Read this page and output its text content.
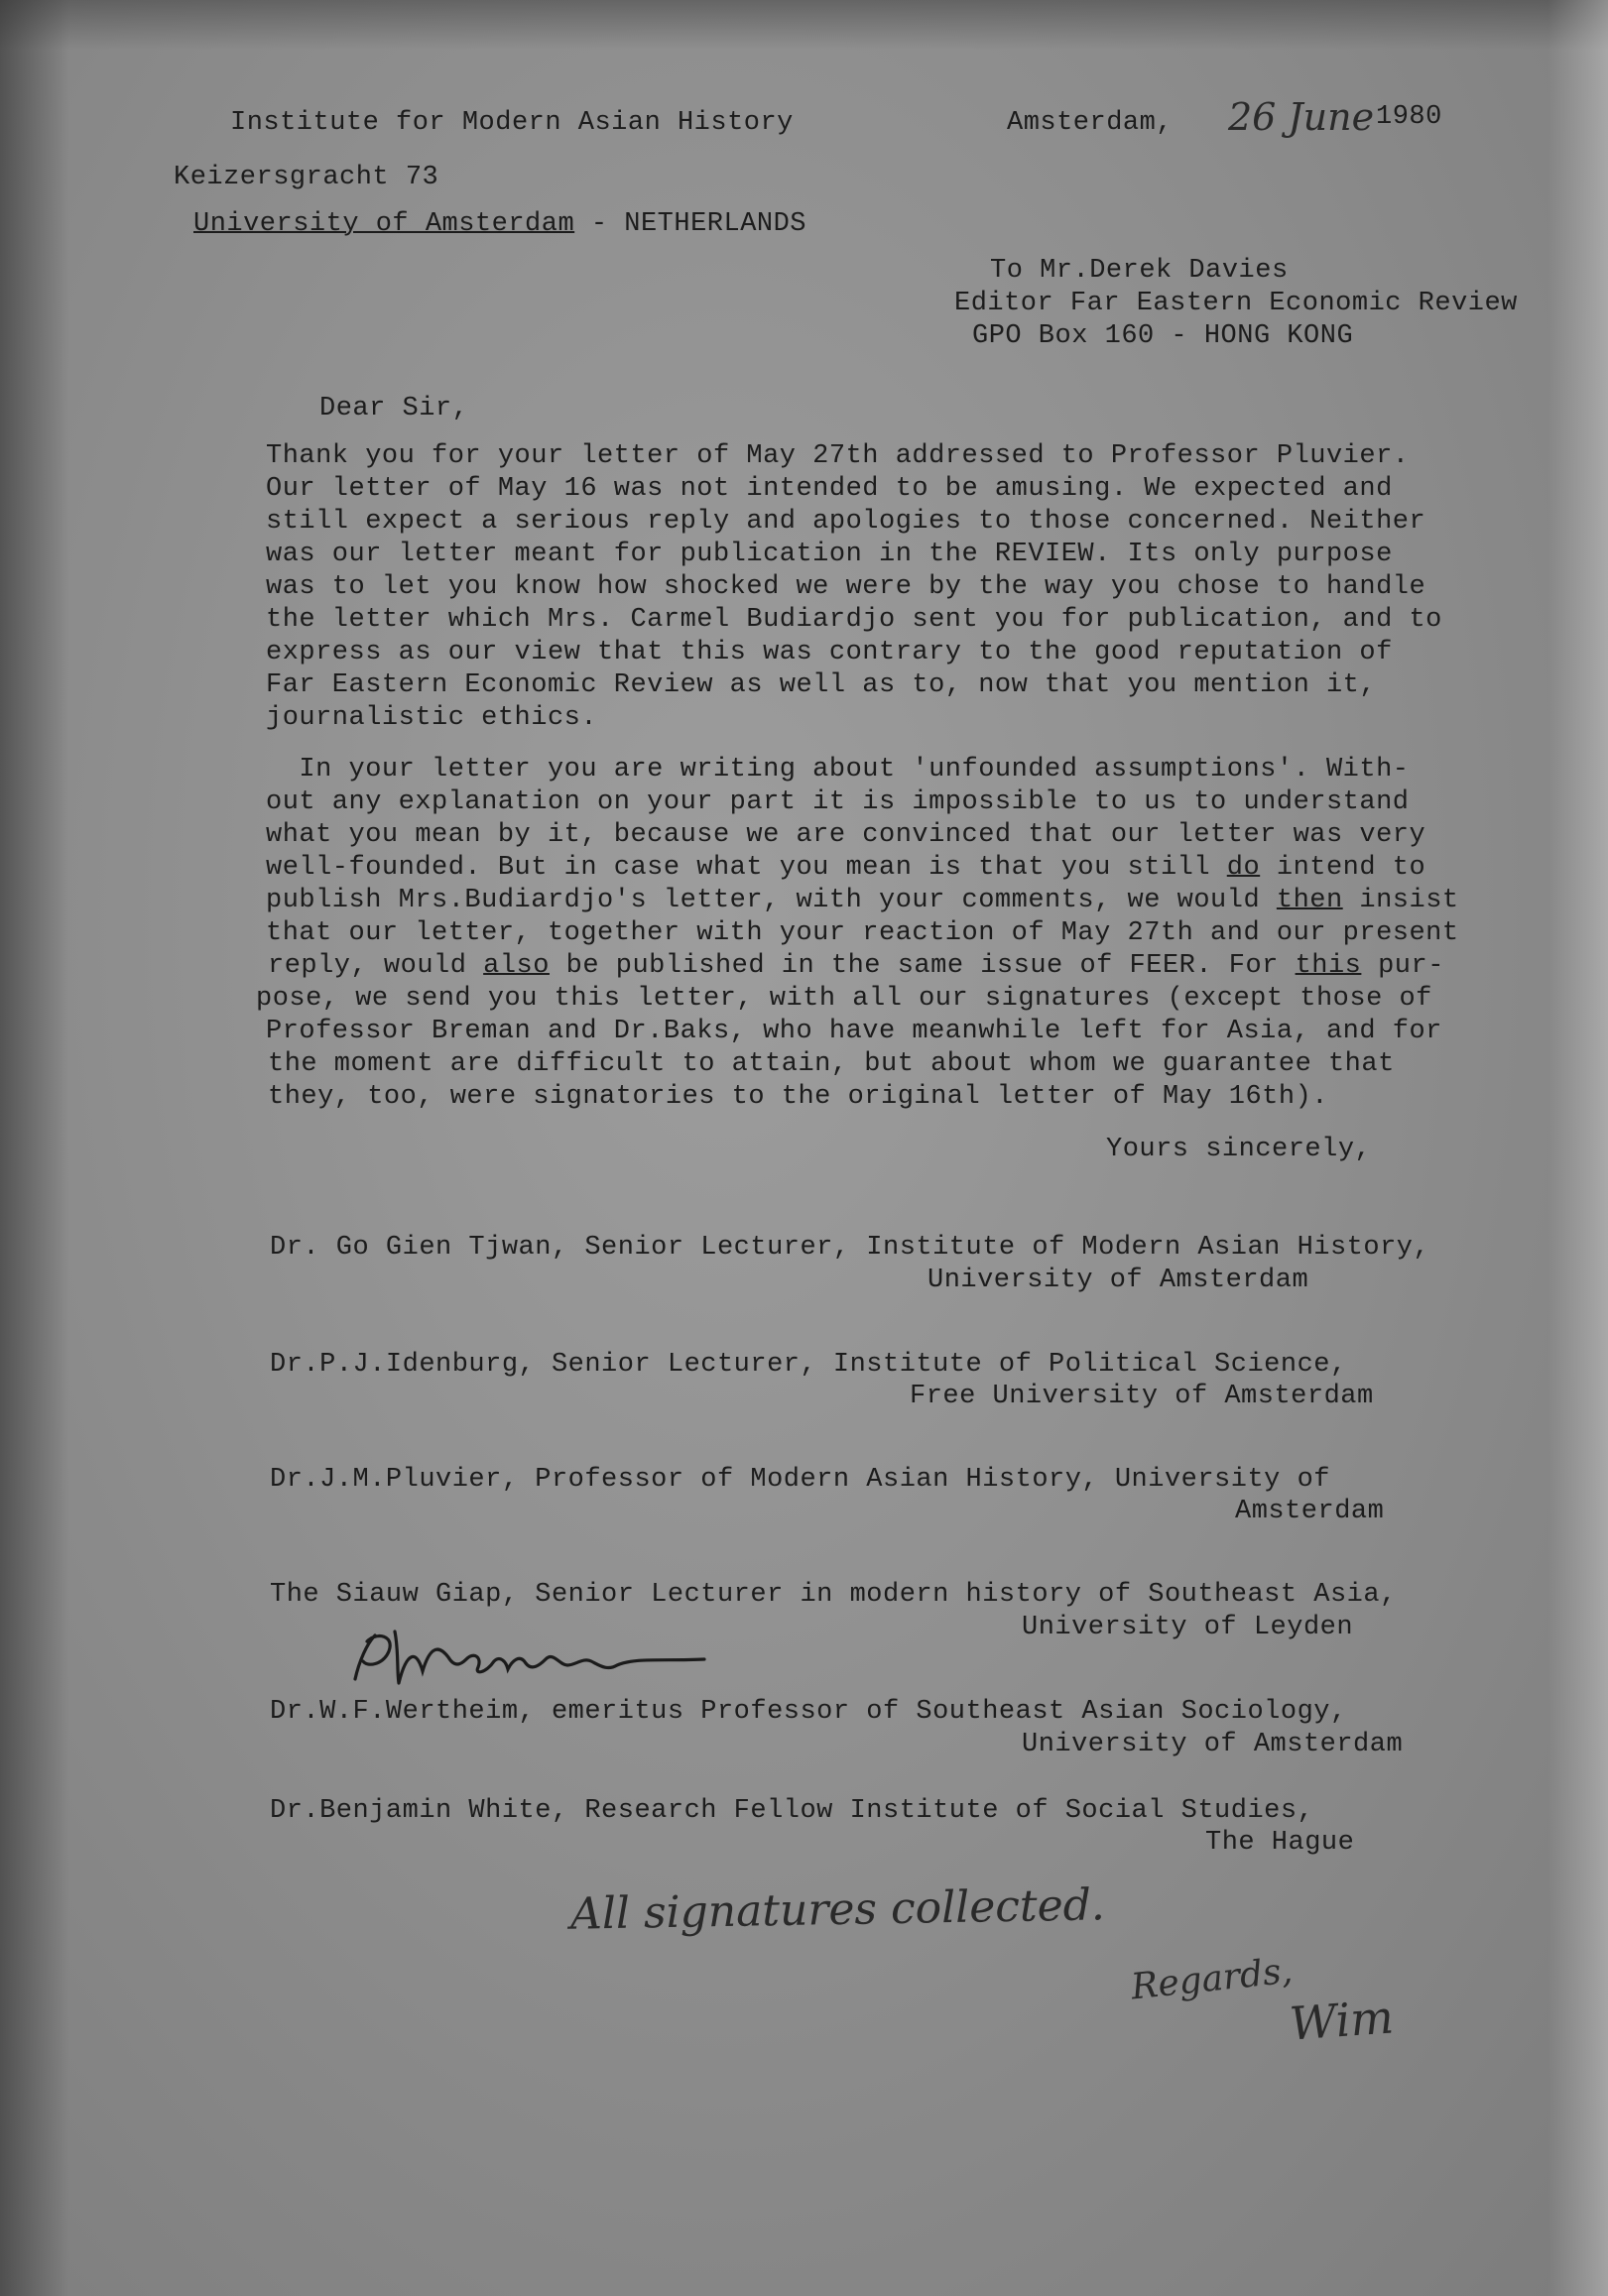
Institute for Modern Asian History
Keizersgracht 73
University of Amsterdam - NETHERLANDS
Amsterdam, 26 June 1980
To Mr.Derek Davies
Editor Far Eastern Economic Review
GPO Box 160 - HONG KONG
Dear Sir,
Thank you for your letter of May 27th addressed to Professor Pluvier.
Our letter of May 16 was not intended to be amusing. We expected and
still expect a serious reply and apologies to those concerned. Neither
was our letter meant for publication in the REVIEW. Its only purpose
was to let you know how shocked we were by the way you chose to handle
the letter which Mrs. Carmel Budiardjo sent you for publication, and to
express as our view that this was contrary to the good reputation of
Far Eastern Economic Review as well as to, now that you mention it,
journalistic ethics.
In your letter you are writing about 'unfounded assumptions'. With-
out any explanation on your part it is impossible to us to understand
what you mean by it, because we are convinced that our letter was very
well-founded. But in case what you mean is that you still do intend to
publish Mrs.Budiardjo's letter, with your comments, we would then insist
that our letter, together with your reaction of May 27th and our present
reply, would also be published in the same issue of FEER. For this pur-
pose, we send you this letter, with all our signatures (except those of
Professor Breman and Dr.Baks, who have meanwhile left for Asia, and for
the moment are difficult to attain, but about whom we guarantee that
they, too, were signatories to the original letter of May 16th).
Yours sincerely,
Dr. Go Gien Tjwan, Senior Lecturer, Institute of Modern Asian History,
University of Amsterdam
Dr.P.J.Idenburg, Senior Lecturer, Institute of Political Science,
Free University of Amsterdam
Dr.J.M.Pluvier, Professor of Modern Asian History, University of
Amsterdam
The Siauw Giap, Senior Lecturer in modern history of Southeast Asia,
University of Leyden
Dr.W.F.Wertheim, emeritus Professor of Southeast Asian Sociology,
University of Amsterdam
Dr.Benjamin White, Research Fellow Institute of Social Studies,
The Hague
All signatures collected.
Regards,
Wim
